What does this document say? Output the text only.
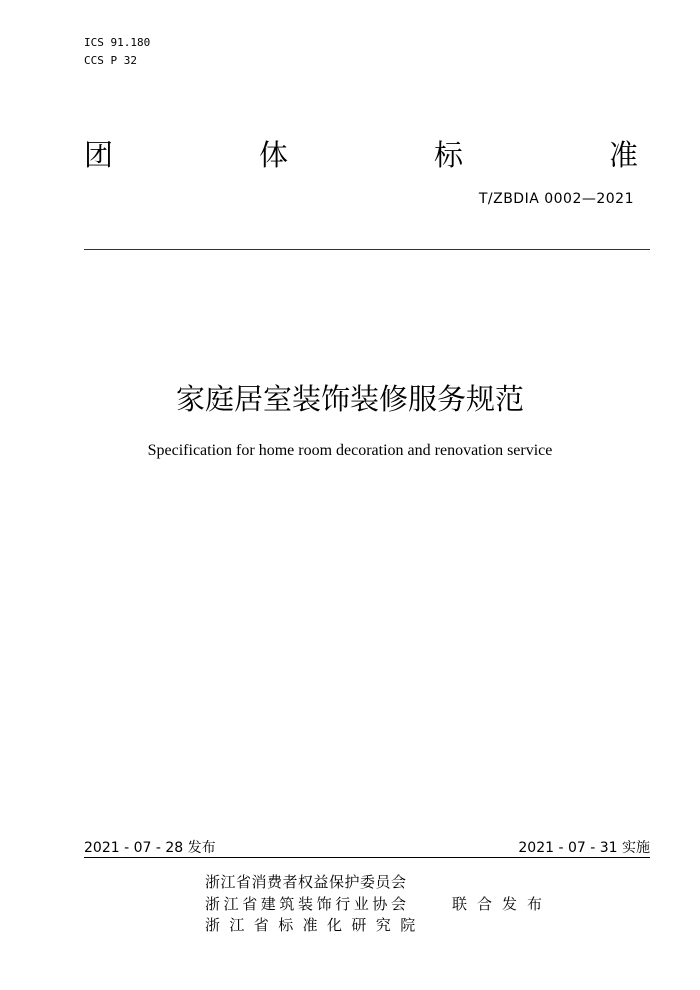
ICS 91.180
CCS P 32
团	体	标	准
T/ZBDIA 0002—2021
家庭居室装饰装修服务规范
Specification for home room decoration and renovation service
2021 - 07 - 28 发布	2021 - 07 - 31 实施
浙江省消费者权益保护委员会
浙江省建筑装饰行业协会
浙江省标准化研究院
联合发布
